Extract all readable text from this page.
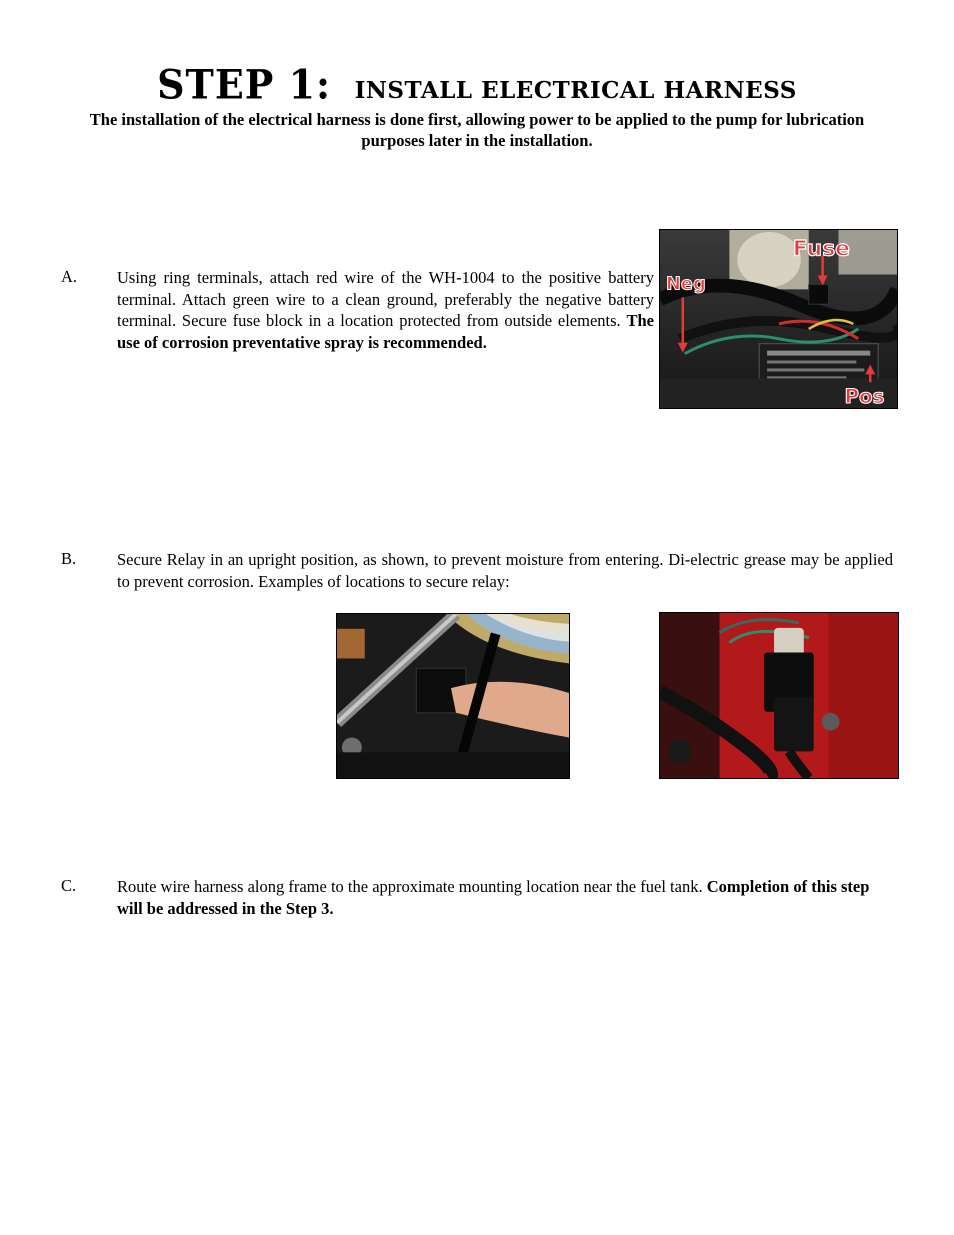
STEP 1: INSTALL ELECTRICAL HARNESS
The installation of the electrical harness is done first, allowing power to be applied to the pump for lubrication purposes later in the installation.
A. Using ring terminals, attach red wire of the WH-1004 to the positive battery terminal. Attach green wire to a clean ground, preferably the negative battery terminal. Secure fuse block in a location protected from outside elements. The use of corrosion preventative spray is recommended.
Fuse
Neg
Pos
B. Secure Relay in an upright position, as shown, to prevent moisture from entering. Di-electric grease may be applied to prevent corrosion. Examples of locations to secure relay:
C. Route wire harness along frame to the approximate mounting location near the fuel tank. Completion of this step will be addressed in the Step 3.
